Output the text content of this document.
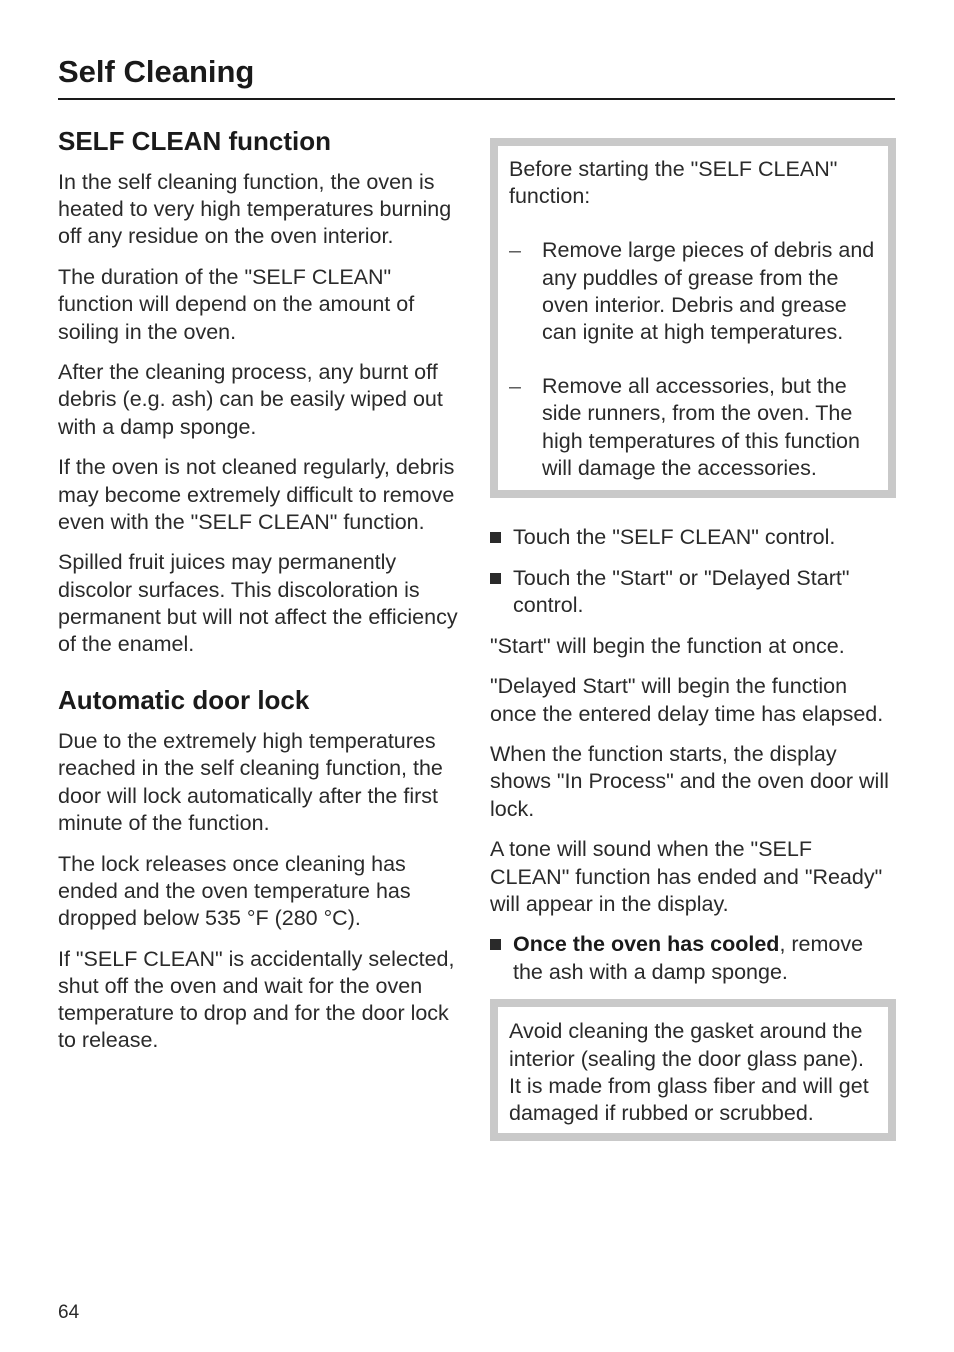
Self Cleaning
SELF CLEAN function

In the self cleaning function, the oven is heated to very high temperatures burning off any residue on the oven interior.

The duration of the "SELF CLEAN" function will depend on the amount of soiling in the oven.

After the cleaning process, any burnt off debris (e.g. ash) can be easily wiped out with a damp sponge.

If the oven is not cleaned regularly, debris may become extremely difficult to remove even with the "SELF CLEAN" function.

Spilled fruit juices may permanently discolor surfaces. This discoloration is permanent but will not affect the efficiency of the enamel.

Automatic door lock

Due to the extremely high temperatures reached in the self cleaning function, the door will lock automatically after the first minute of the function.

The lock releases once cleaning has ended and the oven temperature has dropped below 535 °F (280 °C).

If "SELF CLEAN" is accidentally selected, shut off the oven and wait for the oven temperature to drop and for the door lock to release.

Before starting the "SELF CLEAN" function:

– Remove large pieces of debris and any puddles of grease from the oven interior. Debris and grease can ignite at high temperatures.
– Remove all accessories, but the side runners, from the oven. The high temperatures of this function will damage the accessories.
Touch the "SELF CLEAN" control.
Touch the "Start" or "Delayed Start" control.

"Start" will begin the function at once.

"Delayed Start" will begin the function once the entered delay time has elapsed.

When the function starts, the display shows "In Process" and the oven door will lock.

A tone will sound when the "SELF CLEAN" function has ended and "Ready" will appear in the display.

Once the oven has cooled, remove the ash with a damp sponge.

Avoid cleaning the gasket around the interior (sealing the door glass pane).

It is made from glass fiber and will get damaged if rubbed or scrubbed.

64
